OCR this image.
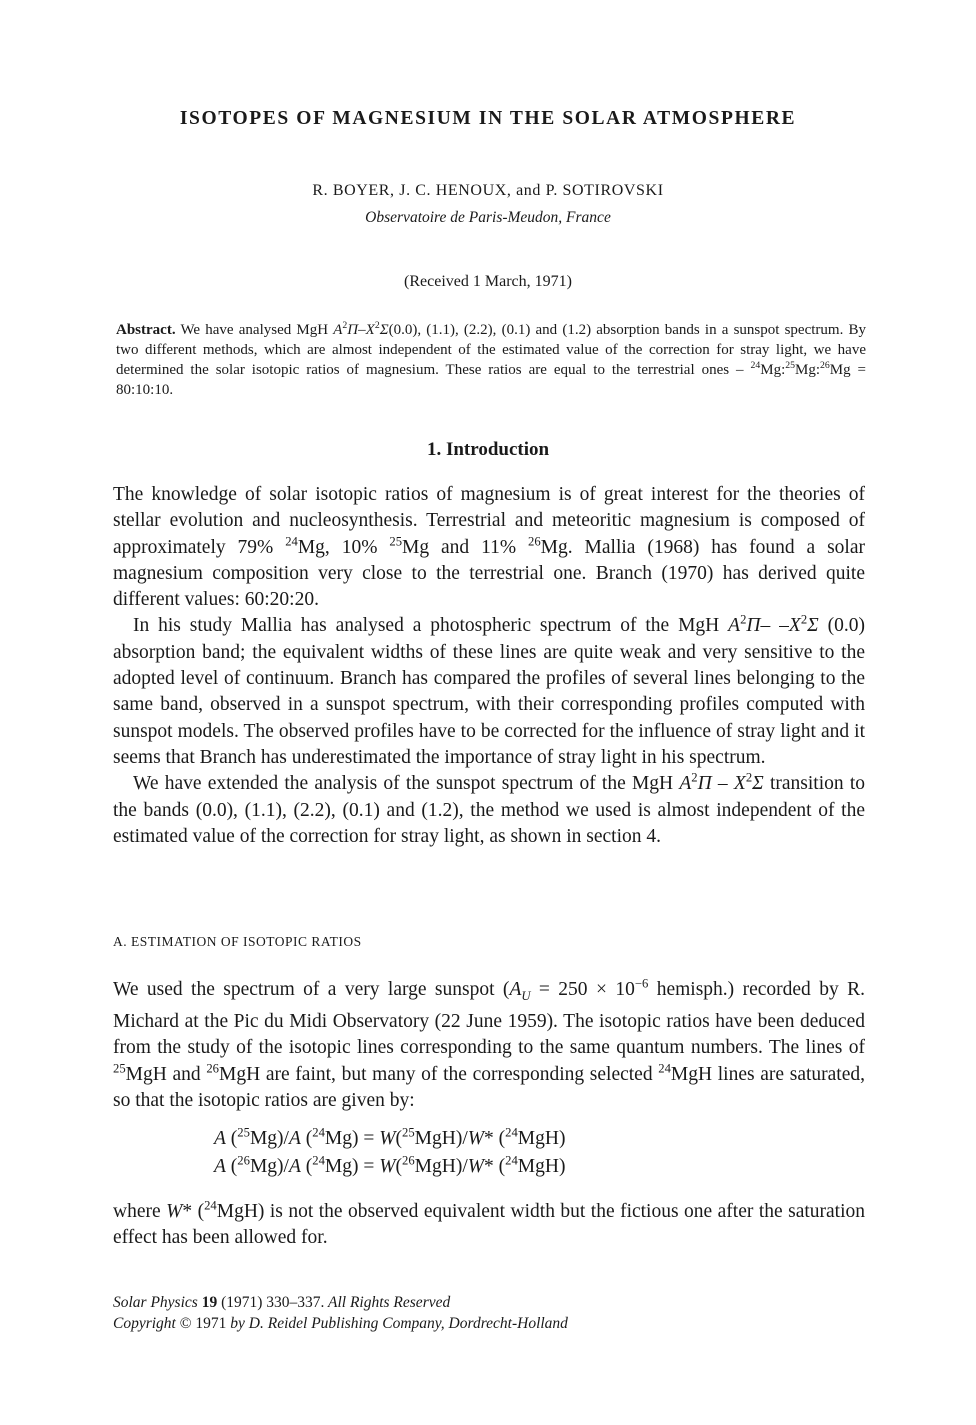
ISOTOPES OF MAGNESIUM IN THE SOLAR ATMOSPHERE
R. BOYER, J. C. HENOUX, and P. SOTIROVSKI
Observatoire de Paris-Meudon, France
(Received 1 March, 1971)
Abstract. We have analysed MgH $A^2\Pi-X^2\Sigma(0.0)$, (1.1), (2.2), (0.1) and (1.2) absorption bands in a sunspot spectrum. By two different methods, which are almost independent of the estimated value of the correction for stray light, we have determined the solar isotopic ratios of magnesium. These ratios are equal to the terrestrial ones – $^{24}$Mg:$^{25}$Mg:$^{26}$Mg = 80:10:10.
1. Introduction

The knowledge of solar isotopic ratios of magnesium is of great interest for the theories of stellar evolution and nucleosynthesis. Terrestrial and meteoritic magnesium is composed of approximately 79% $^{24}$Mg, 10% $^{25}$Mg and 11% $^{26}$Mg. Mallia (1968) has found a solar magnesium composition very close to the terrestrial one. Branch (1970) has derived quite different values: 60:20:20.

In his study Mallia has analysed a photospheric spectrum of the MgH $A^2\Pi-$ $-X^2\Sigma$ (0.0) absorption band; the equivalent widths of these lines are quite weak and very sensitive to the adopted level of continuum. Branch has compared the profiles of several lines belonging to the same band, observed in a sunspot spectrum, with their corresponding profiles computed with sunspot models. The observed profiles have to be corrected for the influence of stray light and it seems that Branch has underestimated the importance of stray light in his spectrum.

We have extended the analysis of the sunspot spectrum of the MgH $A^2\Pi - X^2\Sigma$ transition to the bands (0.0), (1.1), (2.2), (0.1) and (1.2), the method we used is almost independent of the estimated value of the correction for stray light, as shown in section 4.

A. ESTIMATION OF ISOTOPIC RATIOS

We used the spectrum of a very large sunspot ($A_U = 250 \times 10^{-6}$ hemisph.) recorded by R. Michard at the Pic du Midi Observatory (22 June 1959). The isotopic ratios have been deduced from the study of the isotopic lines corresponding to the same quantum numbers. The lines of $^{25}$MgH and $^{26}$MgH are faint, but many of the corresponding selected $^{24}$MgH lines are saturated, so that the isotopic ratios are given by:

A ($^{25}$Mg)/A ($^{24}$Mg) = W($^{25}$MgH)/W* ($^{24}$MgH)
A ($^{26}$Mg)/A ($^{24}$Mg) = W($^{26}$MgH)/W* ($^{24}$MgH)

where W* ($^{24}$MgH) is not the observed equivalent width but the fictious one after the saturation effect has been allowed for.

Solar Physics 19 (1971) 330–337. All Rights Reserved
Copyright © 1971 by D. Reidel Publishing Company, Dordrecht-Holland
